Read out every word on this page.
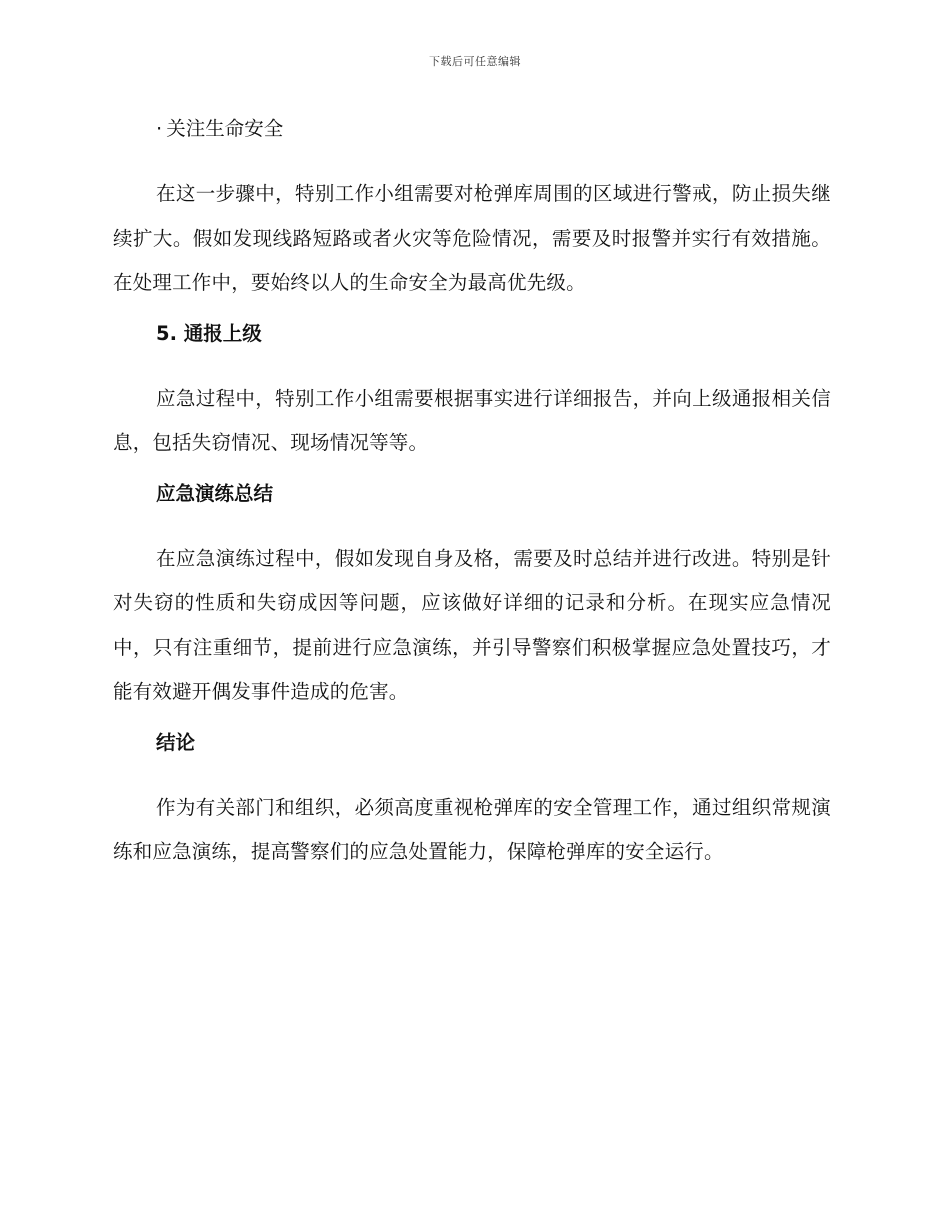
下载后可任意编辑
· 关注生命安全

在这一步骤中，特别工作小组需要对枪弹库周围的区域进行警戒，防止损失继续扩大。假如发现线路短路或者火灾等危险情况，需要及时报警并实行有效措施。在处理工作中，要始终以人的生命安全为最高优先级。

5. 通报上级

应急过程中，特别工作小组需要根据事实进行详细报告，并向上级通报相关信息，包括失窃情况、现场情况等等。

应急演练总结

在应急演练过程中，假如发现自身及格，需要及时总结并进行改进。特别是针对失窃的性质和失窃成因等问题，应该做好详细的记录和分析。在现实应急情况中，只有注重细节，提前进行应急演练，并引导警察们积极掌握应急处置技巧，才能有效避开偶发事件造成的危害。

结论

作为有关部门和组织，必须高度重视枪弹库的安全管理工作，通过组织常规演练和应急演练，提高警察们的应急处置能力，保障枪弹库的安全运行。
